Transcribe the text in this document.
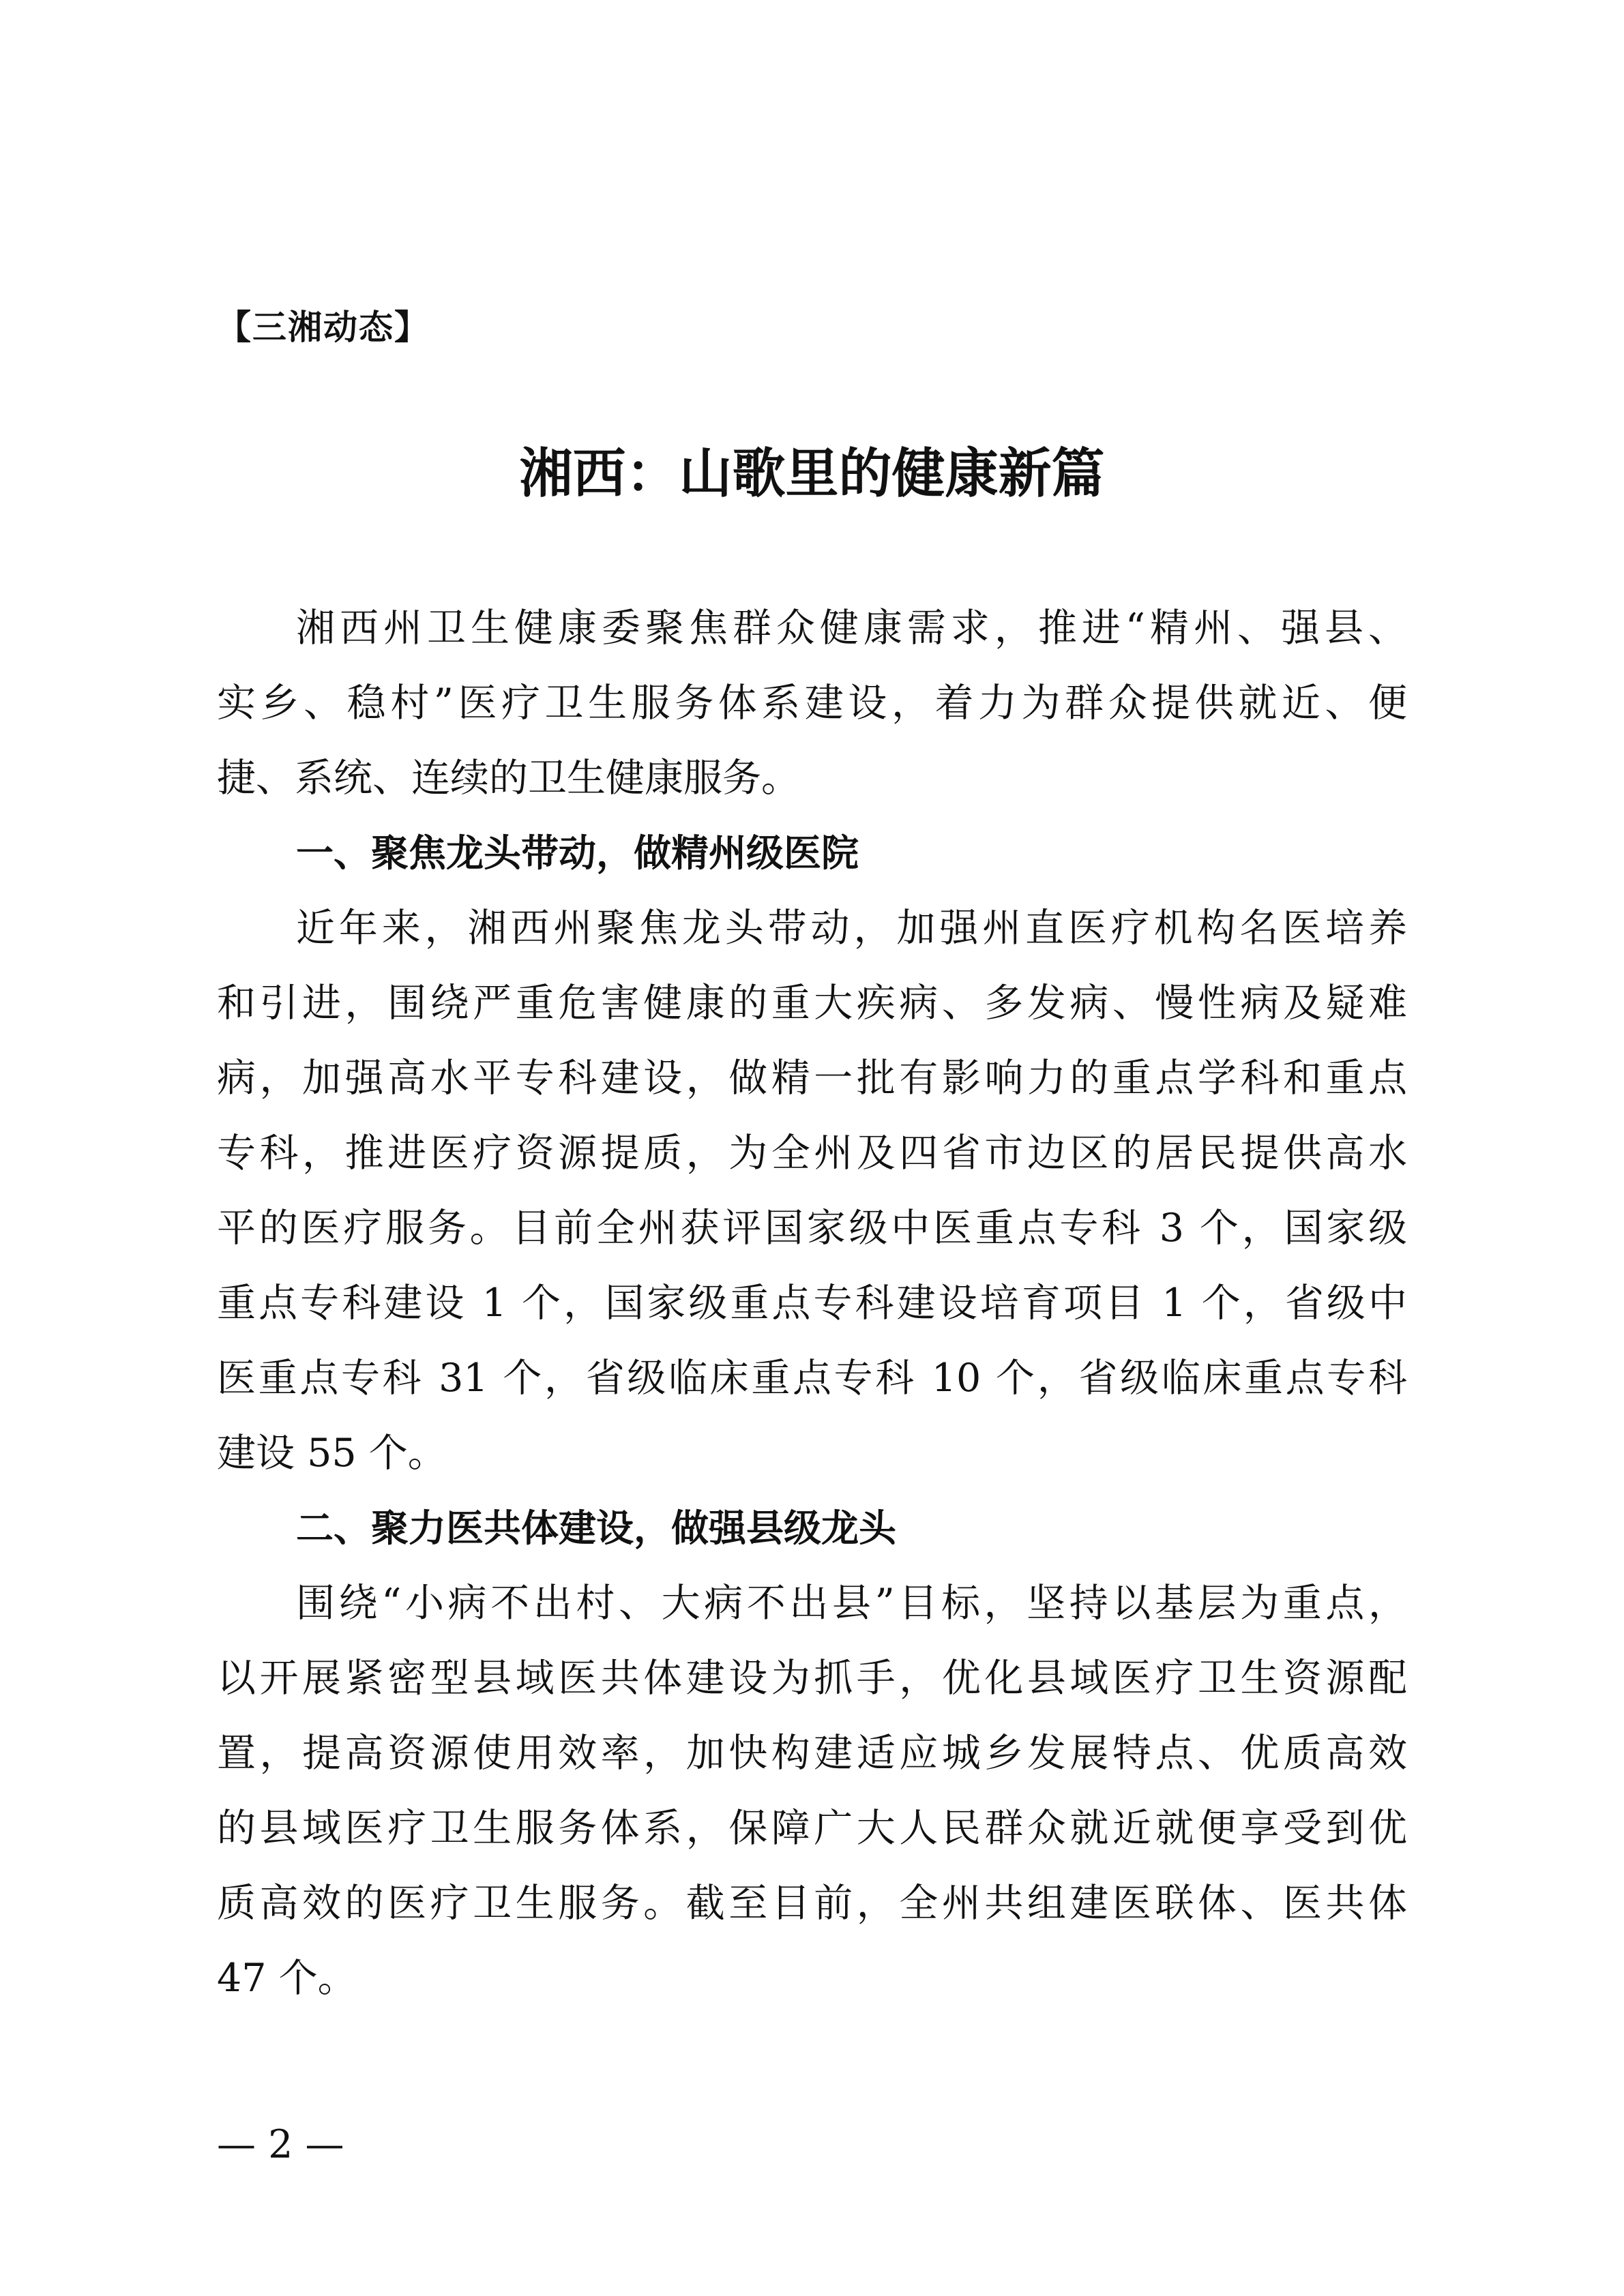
【三湘动态】
湘西：山歌里的健康新篇
湘西州卫生健康委聚焦群众健康需求，推进“精州、强县、
实乡、稳村”医疗卫生服务体系建设，着力为群众提供就近、便
捷、系统、连续的卫生健康服务。
一、聚焦龙头带动，做精州级医院
近年来，湘西州聚焦龙头带动，加强州直医疗机构名医培养
和引进，围绕严重危害健康的重大疾病、多发病、慢性病及疑难
病，加强高水平专科建设，做精一批有影响力的重点学科和重点
专科，推进医疗资源提质，为全州及四省市边区的居民提供高水
平的医疗服务。目前全州获评国家级中医重点专科 3 个，国家级
重点专科建设 1 个，国家级重点专科建设培育项目 1 个，省级中
医重点专科 31 个，省级临床重点专科 10 个，省级临床重点专科
建设 55 个。
二、聚力医共体建设，做强县级龙头
围绕“小病不出村、大病不出县”目标，坚持以基层为重点，
以开展紧密型县域医共体建设为抓手，优化县域医疗卫生资源配
置，提高资源使用效率，加快构建适应城乡发展特点、优质高效
的县域医疗卫生服务体系，保障广大人民群众就近就便享受到优
质高效的医疗卫生服务。截至目前，全州共组建医联体、医共体
47 个。
— 2 —
